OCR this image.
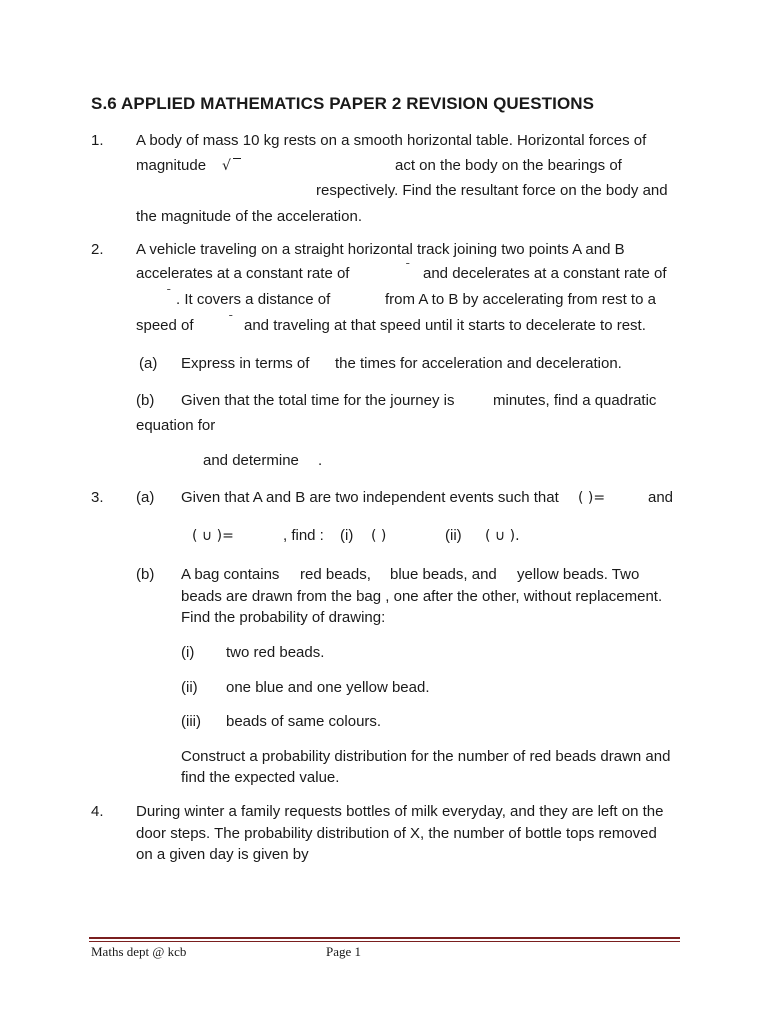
S.6 APPLIED MATHEMATICS PAPER 2 REVISION QUESTIONS
1. A body of mass 10 kg rests on a smooth horizontal table. Horizontal forces of
magnitude √	act on the body on the bearings of
respectively. Find the resultant force on the body and
the magnitude of the acceleration.
2. A vehicle traveling on a straight horizontal track joining two points A and B
accelerates at a constant rate of	ˉ and decelerates at a constant rate of
ˉ . It covers a distance of	from A to B by accelerating from rest to a
speed of	ˉ and traveling at that speed until it starts to decelerate to rest.
(a) Express in terms of the times for acceleration and deceleration.
(b) Given that the total time for the journey is	minutes, find a quadratic
equation for
and determine .
3. (a) Given that A and B are two independent events such that ( )=	and
( ∪ )=	, find : (i) ( )	(ii) ( ∪ ).
(b) A bag contains red beads, blue beads, and yellow beads. Two
beads are drawn from the bag , one after the other, without replacement.
Find the probability of drawing:
(i) two red beads.
(ii) one blue and one yellow bead.
(iii) beads of same colours.
Construct a probability distribution for the number of red beads drawn and
find the expected value.
4. During winter a family requests bottles of milk everyday, and they are left on the
door steps. The probability distribution of X, the number of bottle tops removed
on a given day is given by
Maths dept @ kcb	Page 1
